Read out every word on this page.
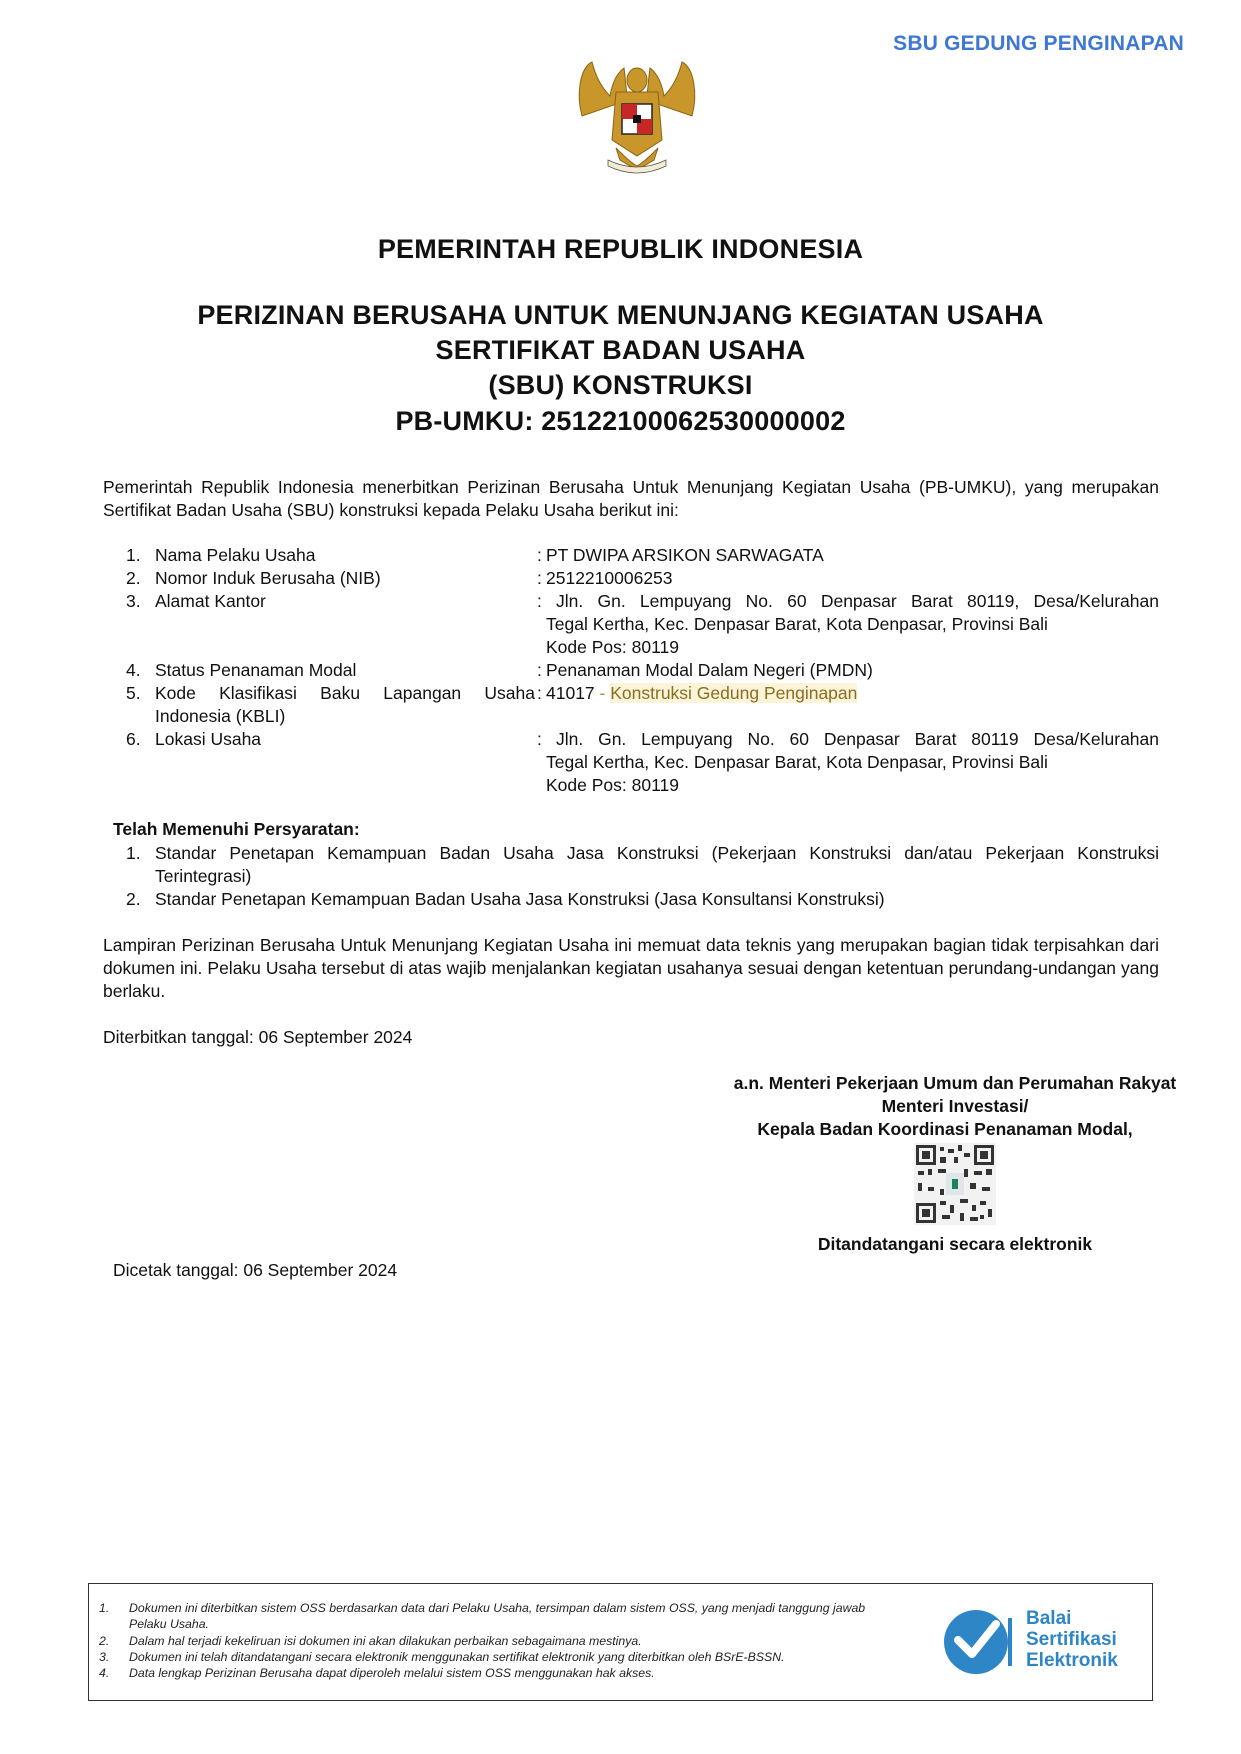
SBU GEDUNG PENGINAPAN
PEMERINTAH REPUBLIK INDONESIA
PERIZINAN BERUSAHA UNTUK MENUNJANG KEGIATAN USAHA
SERTIFIKAT BADAN USAHA
(SBU) KONSTRUKSI
PB-UMKU: 25122100062530000002
Pemerintah Republik Indonesia menerbitkan Perizinan Berusaha Untuk Menunjang Kegiatan Usaha (PB-UMKU), yang merupakan Sertifikat Badan Usaha (SBU) konstruksi kepada Pelaku Usaha berikut ini:
1. Nama Pelaku Usaha	: PT DWIPA ARSIKON SARWAGATA
2. Nomor Induk Berusaha (NIB)	: 2512210006253
3. Alamat Kantor	: Jln. Gn. Lempuyang No. 60 Denpasar Barat 80119, Desa/Kelurahan
Tegal Kertha, Kec. Denpasar Barat, Kota Denpasar, Provinsi Bali
Kode Pos: 80119
4. Status Penanaman Modal	: Penanaman Modal Dalam Negeri (PMDN)
5. Kode Klasifikasi Baku Lapangan Usaha
Indonesia (KBLI)
: 41017 - Konstruksi Gedung Penginapan
6. Lokasi Usaha	: Jln. Gn. Lempuyang No. 60 Denpasar Barat 80119 Desa/Kelurahan
Tegal Kertha, Kec. Denpasar Barat, Kota Denpasar, Provinsi Bali
Kode Pos: 80119
Telah Memenuhi Persyaratan:
1. Standar Penetapan Kemampuan Badan Usaha Jasa Konstruksi (Pekerjaan Konstruksi dan/atau Pekerjaan Konstruksi Terintegrasi)
2. Standar Penetapan Kemampuan Badan Usaha Jasa Konstruksi (Jasa Konsultansi Konstruksi)
Lampiran Perizinan Berusaha Untuk Menunjang Kegiatan Usaha ini memuat data teknis yang merupakan bagian tidak terpisahkan dari dokumen ini. Pelaku Usaha tersebut di atas wajib menjalankan kegiatan usahanya sesuai dengan ketentuan perundang-undangan yang berlaku.
Diterbitkan tanggal: 06 September 2024
a.n. Menteri Pekerjaan Umum dan Perumahan Rakyat
Menteri Investasi/
Kepala Badan Koordinasi Penanaman Modal,
Ditandatangani secara elektronik
Dicetak tanggal: 06 September 2024
1. Dokumen ini diterbitkan sistem OSS berdasarkan data dari Pelaku Usaha, tersimpan dalam sistem OSS, yang menjadi tanggung jawab
Pelaku Usaha.
2. Dalam hal terjadi kekeliruan isi dokumen ini akan dilakukan perbaikan sebagaimana mestinya.
3. Dokumen ini telah ditandatangani secara elektronik menggunakan sertifikat elektronik yang diterbitkan oleh BSrE-BSSN.
4. Data lengkap Perizinan Berusaha dapat diperoleh melalui sistem OSS menggunakan hak akses.
Balai
Sertifikasi
Elektronik
